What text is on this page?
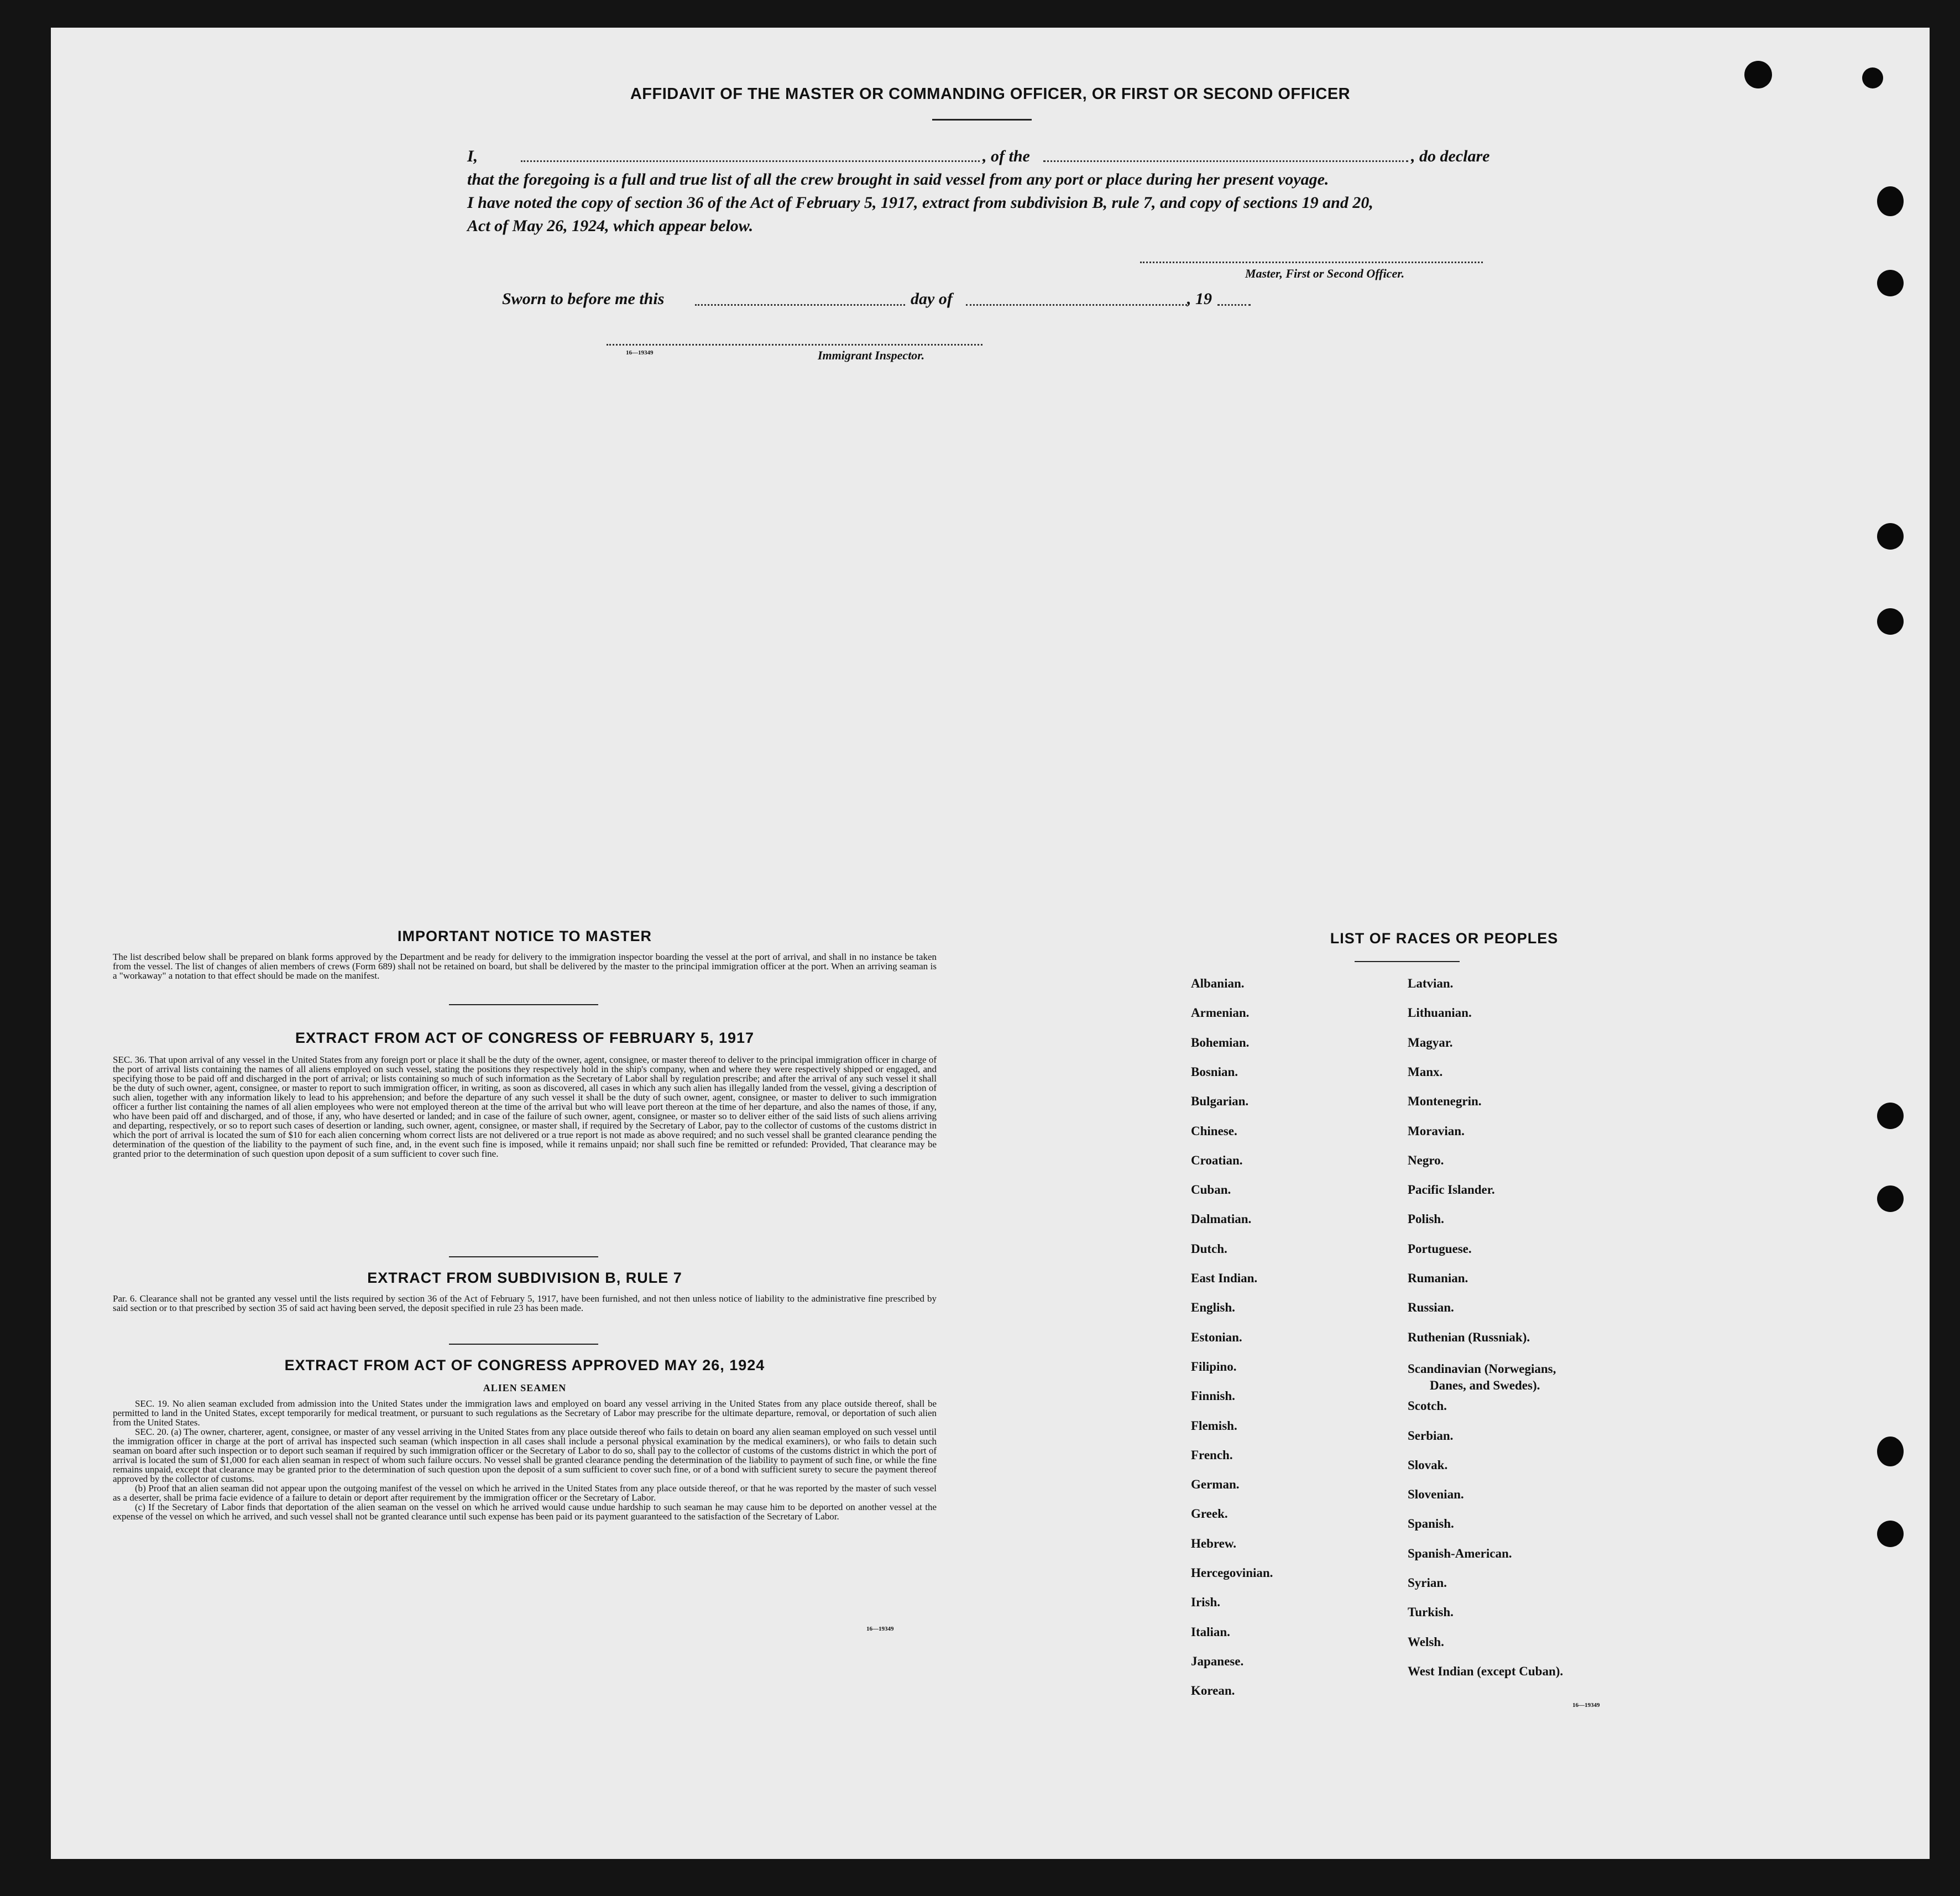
AFFIDAVIT OF THE MASTER OR COMMANDING OFFICER, OR FIRST OR SECOND OFFICER
I,	, of the	, do declare
that the foregoing is a full and true list of all the crew brought in said vessel from any port or place during her present voyage.
I have noted the copy of section 36 of the Act of February 5, 1917, extract from subdivision B, rule 7, and copy of sections 19 and 20,
Act of May 26, 1924, which appear below.
Master, First or Second Officer.
Sworn to before me this	day of	, 19
16—19349	Immigrant Inspector.
IMPORTANT NOTICE TO MASTER
The list described below shall be prepared on blank forms approved by the Department and be ready for delivery to the immigration inspector boarding the vessel at the port of arrival, and shall in no instance be taken from the vessel. The list of changes of alien members of crews (Form 689) shall not be retained on board, but shall be delivered by the master to the principal immigration officer at the port. When an arriving seaman is a "workaway" a notation to that effect should be made on the manifest.
EXTRACT FROM ACT OF CONGRESS OF FEBRUARY 5, 1917
SEC. 36. That upon arrival of any vessel in the United States from any foreign port or place it shall be the duty of the owner, agent, consignee, or master thereof to deliver to the principal immigration officer in charge of the port of arrival lists containing the names of all aliens employed on such vessel, stating the positions they respectively hold in the ship's company, when and where they were respectively shipped or engaged, and specifying those to be paid off and discharged in the port of arrival; or lists containing so much of such information as the Secretary of Labor shall by regulation prescribe; and after the arrival of any such vessel it shall be the duty of such owner, agent, consignee, or master to report to such immigration officer, in writing, as soon as discovered, all cases in which any such alien has illegally landed from the vessel, giving a description of such alien, together with any information likely to lead to his apprehension; and before the departure of any such vessel it shall be the duty of such owner, agent, consignee, or master to deliver to such immigration officer a further list containing the names of all alien employees who were not employed thereon at the time of the arrival but who will leave port thereon at the time of her departure, and also the names of those, if any, who have been paid off and discharged, and of those, if any, who have deserted or landed; and in case of the failure of such owner, agent, consignee, or master so to deliver either of the said lists of such aliens arriving and departing, respectively, or so to report such cases of desertion or landing, such owner, agent, consignee, or master shall, if required by the Secretary of Labor, pay to the collector of customs of the customs district in which the port of arrival is located the sum of $10 for each alien concerning whom correct lists are not delivered or a true report is not made as above required; and no such vessel shall be granted clearance pending the determination of the question of the liability to the payment of such fine, and, in the event such fine is imposed, while it remains unpaid; nor shall such fine be remitted or refunded: Provided, That clearance may be granted prior to the determination of such question upon deposit of a sum sufficient to cover such fine.
EXTRACT FROM SUBDIVISION B, RULE 7
Par. 6. Clearance shall not be granted any vessel until the lists required by section 36 of the Act of February 5, 1917, have been furnished, and not then unless notice of liability to the administrative fine prescribed by said section or to that prescribed by section 35 of said act having been served, the deposit specified in rule 23 has been made.
EXTRACT FROM ACT OF CONGRESS APPROVED MAY 26, 1924
ALIEN SEAMEN

SEC. 19. No alien seaman excluded from admission into the United States under the immigration laws and employed on board any vessel arriving in the United States from any place outside thereof, shall be permitted to land in the United States, except temporarily for medical treatment, or pursuant to such regulations as the Secretary of Labor may prescribe for the ultimate departure, removal, or deportation of such alien from the United States.

SEC. 20. (a) The owner, charterer, agent, consignee, or master of any vessel arriving in the United States from any place outside thereof who fails to detain on board any alien seaman employed on such vessel until the immigration officer in charge at the port of arrival has inspected such seaman (which inspection in all cases shall include a personal physical examination by the medical examiners), or who fails to detain such seaman on board after such inspection or to deport such seaman if required by such immigration officer or the Secretary of Labor to do so, shall pay to the collector of customs of the customs district in which the port of arrival is located the sum of $1,000 for each alien seaman in respect of whom such failure occurs. No vessel shall be granted clearance pending the determination of the liability to payment of such fine, or while the fine remains unpaid, except that clearance may be granted prior to the determination of such question upon the deposit of a sum sufficient to cover such fine, or of a bond with sufficient surety to secure the payment thereof approved by the collector of customs.

(b) Proof that an alien seaman did not appear upon the outgoing manifest of the vessel on which he arrived in the United States from any place outside thereof, or that he was reported by the master of such vessel as a deserter, shall be prima facie evidence of a failure to detain or deport after requirement by the immigration officer or the Secretary of Labor.

(c) If the Secretary of Labor finds that deportation of the alien seaman on the vessel on which he arrived would cause undue hardship to such seaman he may cause him to be deported on another vessel at the expense of the vessel on which he arrived, and such vessel shall not be granted clearance until such expense has been paid or its payment guaranteed to the satisfaction of the Secretary of Labor.

16—19349
LIST OF RACES OR PEOPLES
16—19349
Albanian.
Armenian.
Bohemian.
Bosnian.
Bulgarian.
Chinese.
Croatian.
Cuban.
Dalmatian.
Dutch.
East Indian.
English.
Estonian.
Filipino.
Finnish.
Flemish.
French.
German.
Greek.
Hebrew.
Hercegovinian.
Irish.
Italian.
Japanese.
Korean.
Latvian.
Lithuanian.
Magyar.
Manx.
Montenegrin.
Moravian.
Negro.
Pacific Islander.
Polish.
Portuguese.
Rumanian.
Russian.
Ruthenian (Russniak).
Scandinavian (Norwegians,
Danes, and Swedes).
Scotch.
Serbian.
Slovak.
Slovenian.
Spanish.
Spanish-American.
Syrian.
Turkish.
Welsh.
West Indian (except Cuban).
